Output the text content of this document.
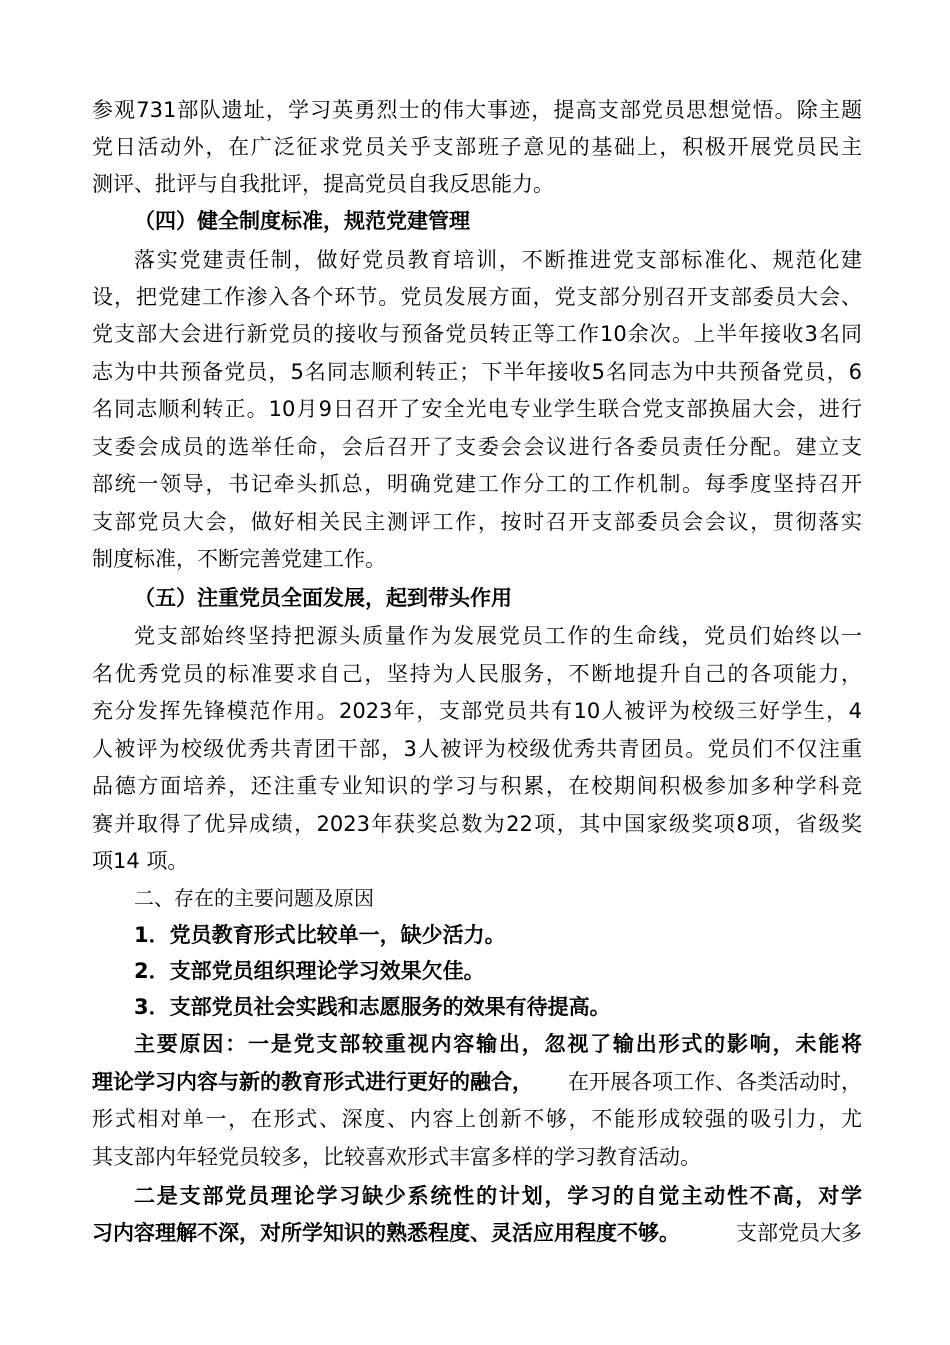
参观731部队遗址，学习英勇烈士的伟大事迹，提高支部党员思想觉悟。除主题
党日活动外，在广泛征求党员关乎支部班子意见的基础上，积极开展党员民主
测评、批评与自我批评，提高党员自我反思能力。
（四）健全制度标准，规范党建管理
落实党建责任制，做好党员教育培训，不断推进党支部标准化、规范化建
设，把党建工作渗入各个环节。党员发展方面，党支部分别召开支部委员大会、
党支部大会进行新党员的接收与预备党员转正等工作10余次。上半年接收3名同
志为中共预备党员，5名同志顺利转正；下半年接收5名同志为中共预备党员，6
名同志顺利转正。10月9日召开了安全光电专业学生联合党支部换届大会，进行
支委会成员的选举任命，会后召开了支委会会议进行各委员责任分配。建立支
部统一领导，书记牵头抓总，明确党建工作分工的工作机制。每季度坚持召开
支部党员大会，做好相关民主测评工作，按时召开支部委员会会议，贯彻落实
制度标准，不断完善党建工作。
（五）注重党员全面发展，起到带头作用
党支部始终坚持把源头质量作为发展党员工作的生命线，党员们始终以一
名优秀党员的标准要求自己，坚持为人民服务，不断地提升自己的各项能力，
充分发挥先锋模范作用。2023年，支部党员共有10人被评为校级三好学生，4
人被评为校级优秀共青团干部，3人被评为校级优秀共青团员。党员们不仅注重
品德方面培养，还注重专业知识的学习与积累，在校期间积极参加多种学科竞
赛并取得了优异成绩，2023年获奖总数为22项，其中国家级奖项8项，省级奖
项14 项。
二、存在的主要问题及原因
1．党员教育形式比较单一，缺少活力。
2．支部党员组织理论学习效果欠佳。
3．支部党员社会实践和志愿服务的效果有待提高。
主要原因：一是党支部较重视内容输出，忽视了输出形式的影响，未能将
理论学习内容与新的教育形式进行更好的融合， 在开展各项工作、各类活动时，
形式相对单一，在形式、深度、内容上创新不够，不能形成较强的吸引力，尤
其支部内年轻党员较多，比较喜欢形式丰富多样的学习教育活动。
二是支部党员理论学习缺少系统性的计划，学习的自觉主动性不高，对学
习内容理解不深，对所学知识的熟悉程度、灵活应用程度不够。	支部党员大多
